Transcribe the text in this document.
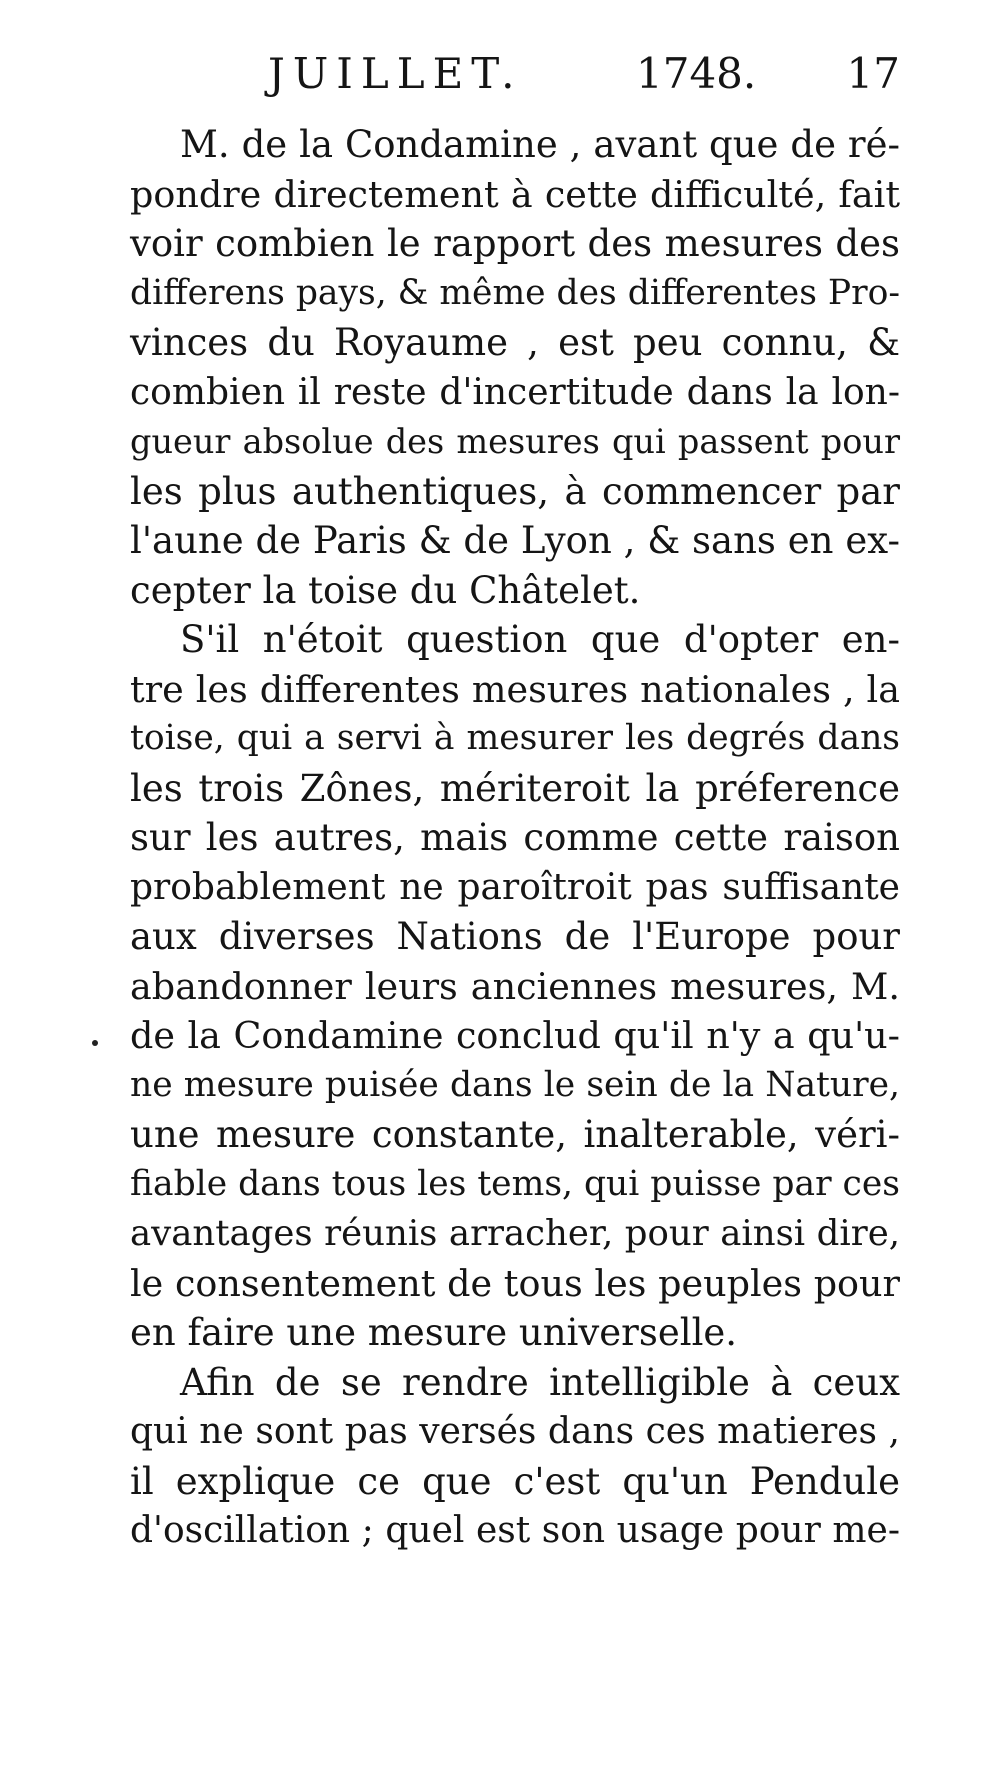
JUILLET.	1748. 17
M. de la Condamine , avant que de ré-
pondre directement à cette difficulté, fait
voir combien le rapport des mesures des
differens pays, & même des differentes Pro-
vinces du Royaume , est peu connu, &
combien il reste d'incertitude dans la lon-
gueur absolue des mesures qui passent pour
les plus authentiques, à commencer par
l'aune de Paris & de Lyon , & sans en ex-
cepter la toise du Châtelet.
S'il n'étoit question que d'opter en-
tre les differentes mesures nationales , la
toise, qui a servi à mesurer les degrés dans
les trois Zônes, mériteroit la préference
sur les autres, mais comme cette raison
probablement ne paroîtroit pas suffisante
aux diverses Nations de l'Europe pour
abandonner leurs anciennes mesures, M.
de la Condamine conclud qu'il n'y a qu'u-
ne mesure puisée dans le sein de la Nature,
une mesure constante, inalterable, véri-
fiable dans tous les tems, qui puisse par ces
avantages réunis arracher, pour ainsi dire,
le consentement de tous les peuples pour
en faire une mesure universelle.
Afin de se rendre intelligible à ceux
qui ne sont pas versés dans ces matieres ,
il explique ce que c'est qu'un Pendule
d'oscillation ; quel est son usage pour me-
